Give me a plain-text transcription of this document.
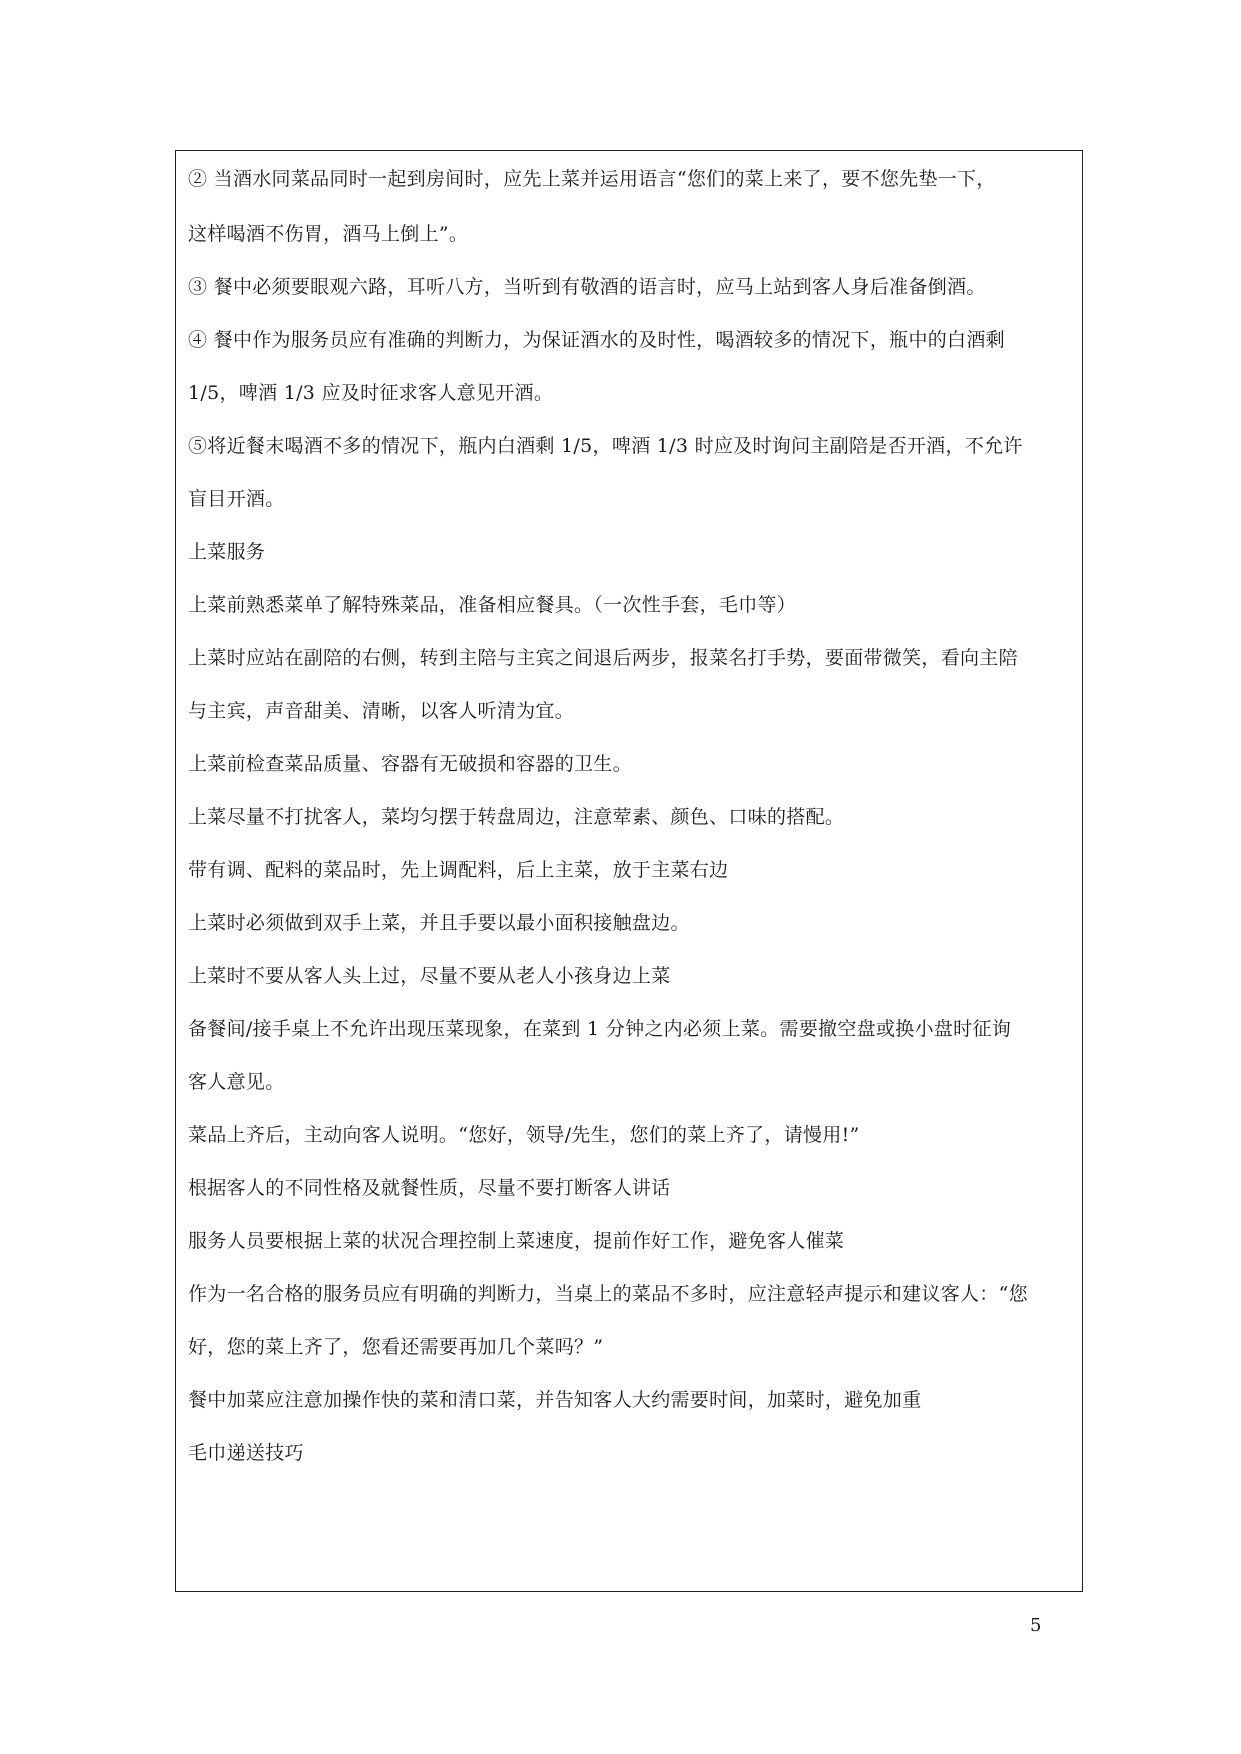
② 当酒水同菜品同时一起到房间时，应先上菜并运用语言“您们的菜上来了，要不您先垫一下，
这样喝酒不伤胃，酒马上倒上”。
③ 餐中必须要眼观六路，耳听八方，当听到有敬酒的语言时，应马上站到客人身后准备倒酒。
④ 餐中作为服务员应有准确的判断力，为保证酒水的及时性，喝酒较多的情况下，瓶中的白酒剩
1/5，啤酒 1/3 应及时征求客人意见开酒。
⑤将近餐末喝酒不多的情况下，瓶内白酒剩 1/5，啤酒 1/3 时应及时询问主副陪是否开酒，不允许
盲目开酒。
上菜服务
上菜前熟悉菜单了解特殊菜品，准备相应餐具。（一次性手套，毛巾等）
上菜时应站在副陪的右侧，转到主陪与主宾之间退后两步，报菜名打手势，要面带微笑，看向主陪
与主宾，声音甜美、清晰，以客人听清为宜。
上菜前检查菜品质量、容器有无破损和容器的卫生。
上菜尽量不打扰客人，菜均匀摆于转盘周边，注意荤素、颜色、口味的搭配。
带有调、配料的菜品时，先上调配料，后上主菜，放于主菜右边
上菜时必须做到双手上菜，并且手要以最小面积接触盘边。
上菜时不要从客人头上过，尽量不要从老人小孩身边上菜
备餐间/接手桌上不允许出现压菜现象，在菜到 1 分钟之内必须上菜。需要撤空盘或换小盘时征询
客人意见。
菜品上齐后，主动向客人说明。“您好，领导/先生，您们的菜上齐了，请慢用!”
根据客人的不同性格及就餐性质，尽量不要打断客人讲话
服务人员要根据上菜的状况合理控制上菜速度，提前作好工作，避免客人催菜
作为一名合格的服务员应有明确的判断力，当桌上的菜品不多时，应注意轻声提示和建议客人：“您
好，您的菜上齐了，您看还需要再加几个菜吗？”
餐中加菜应注意加操作快的菜和清口菜，并告知客人大约需要时间，加菜时，避免加重
毛巾递送技巧
5
